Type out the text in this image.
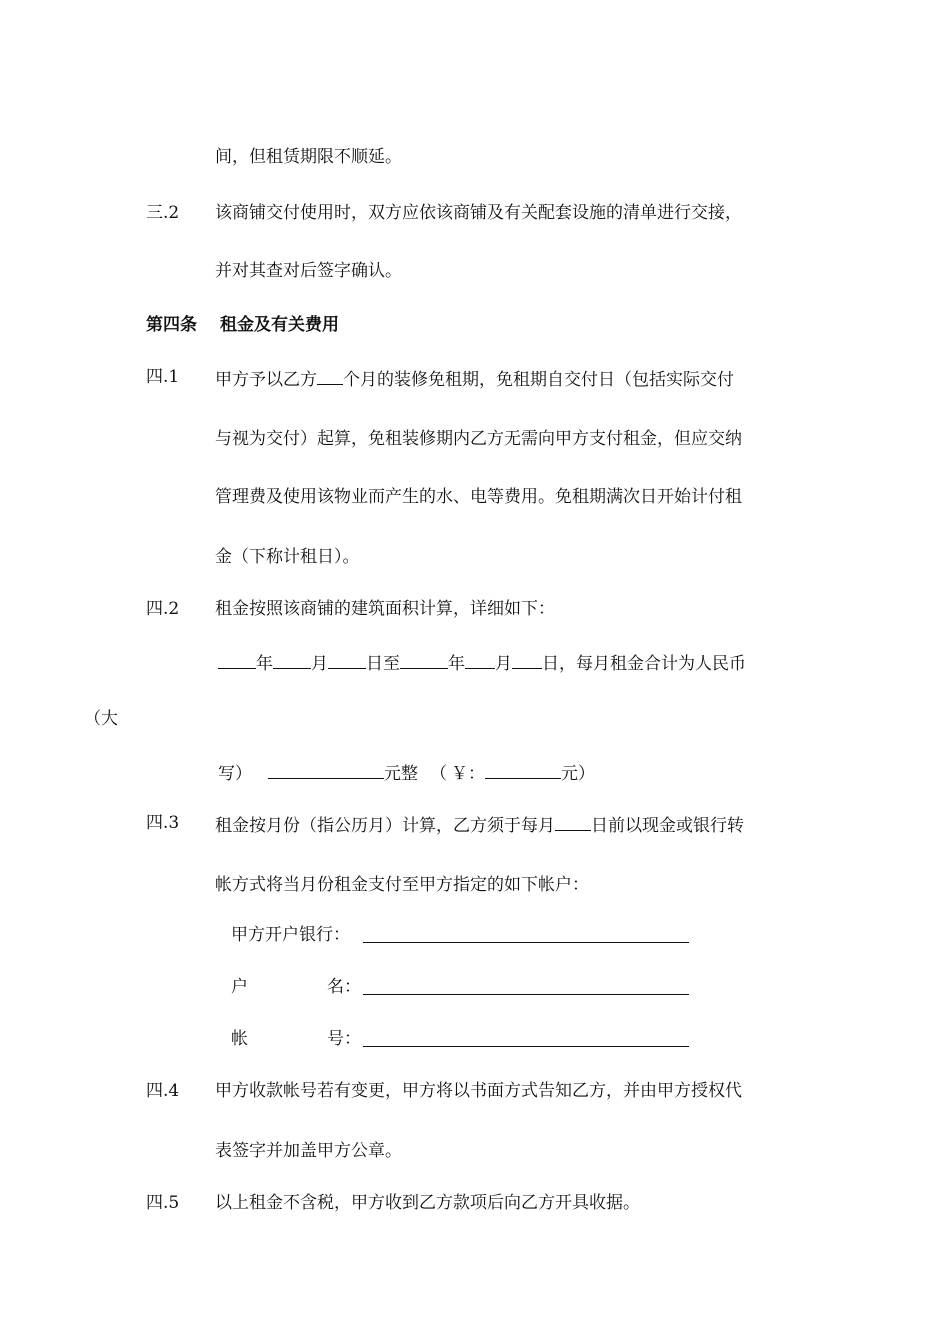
间，但租赁期限不顺延。
三.2 该商铺交付使用时，双方应依该商铺及有关配套设施的清单进行交接，
并对其查对后签字确认。
第四条 租金及有关费用
四.1 甲方予以乙方 个月的装修免租期，免租期自交付日（包括实际交付
与视为交付）起算，免租装修期内乙方无需向甲方支付租金，但应交纳
管理费及使用该物业而产生的水、电等费用。免租期满次日开始计付租
金（下称计租日）。
四.2 租金按照该商铺的建筑面积计算，详细如下：
年 月 日至	年 月 日，每月租金合计为人民币
（大
写）	元整 （ ￥：	元）
四.3 租金按月份（指公历月）计算，乙方须于每月 日前以现金或银行转
帐方式将当月份租金支付至甲方指定的如下帐户：
甲方开户银行：
户	名：
帐	号：
四.4 甲方收款帐号若有变更，甲方将以书面方式告知乙方，并由甲方授权代
表签字并加盖甲方公章。
四.5 以上租金不含税，甲方收到乙方款项后向乙方开具收据。
